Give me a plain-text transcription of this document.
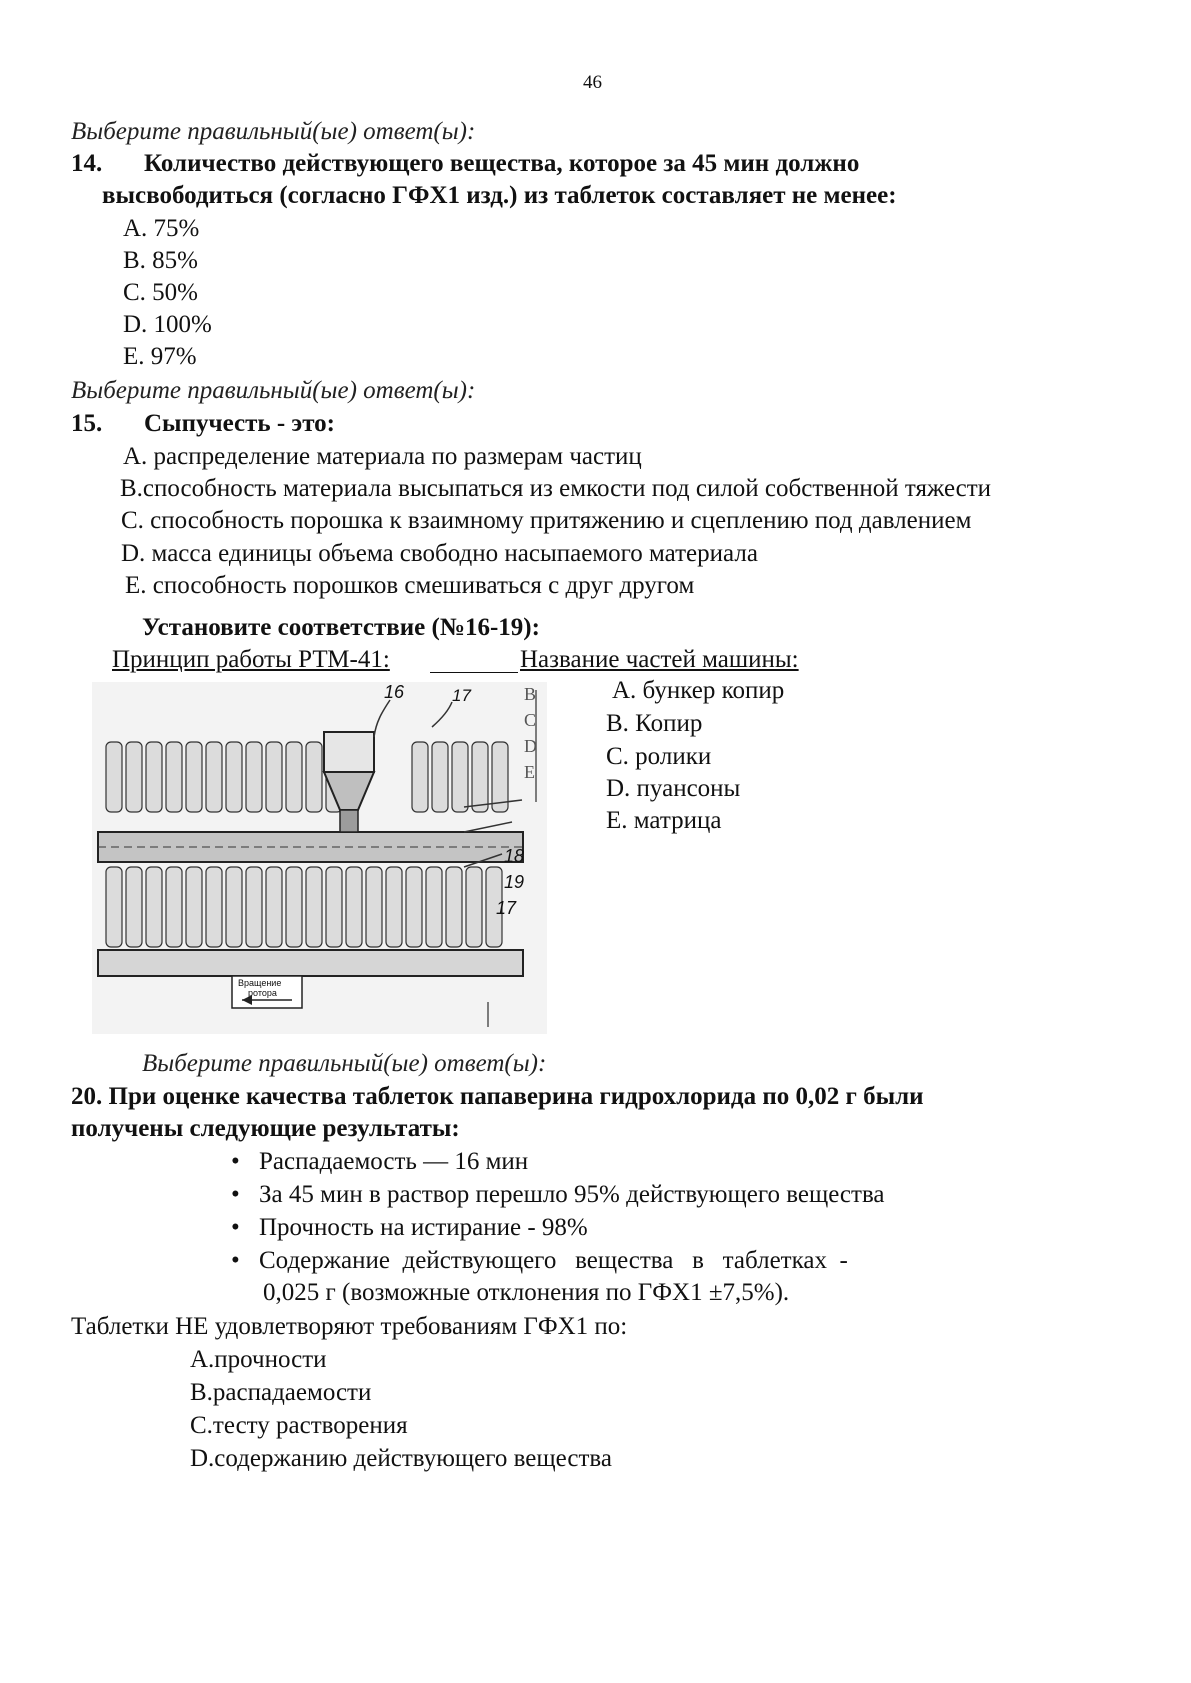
46
Выберите правильный(ые) ответ(ы):
14. Количество действующего вещества, которое за 45 мин должно
высвободиться (согласно ГФХ1 изд.) из таблеток составляет не менее:
A. 75%
B. 85%
C. 50%
D. 100%
E. 97%
Выберите правильный(ые) ответ(ы):
15. Сыпучесть - это:
A. распределение материала по размерам частиц
B.способность материала высыпаться из емкости под силой собственной тяжести
C. способность порошка к взаимному притяжению и сцеплению под давлением
D. масса единицы объема свободно насыпаемого материала
E. способность порошков смешиваться с друг другом
Установите соответствие (№16-19):
Принцип работы РТМ-41:	Название частей машины:
16	17
18
19
17
B
C
D
E
Вращение
ротора
A. бункер копир
B. Копир
C. ролики
D. пуансоны
E. матрица
Выберите правильный(ые) ответ(ы):
20. При оценке качества таблеток папаверина гидрохлорида по 0,02 г были
получены следующие результаты:
• Распадаемость — 16 мин
• За 45 мин в раствор перешло 95% действующего вещества
• Прочность на истирание - 98%
• Содержание  действующего   вещества   в   таблетках  -
0,025 г (возможные отклонения по ГФХ1 ±7,5%).
Таблетки НЕ удовлетворяют требованиям ГФХ1 по:
A.прочности
B.распадаемости
C.тесту растворения
D.содержанию действующего вещества
